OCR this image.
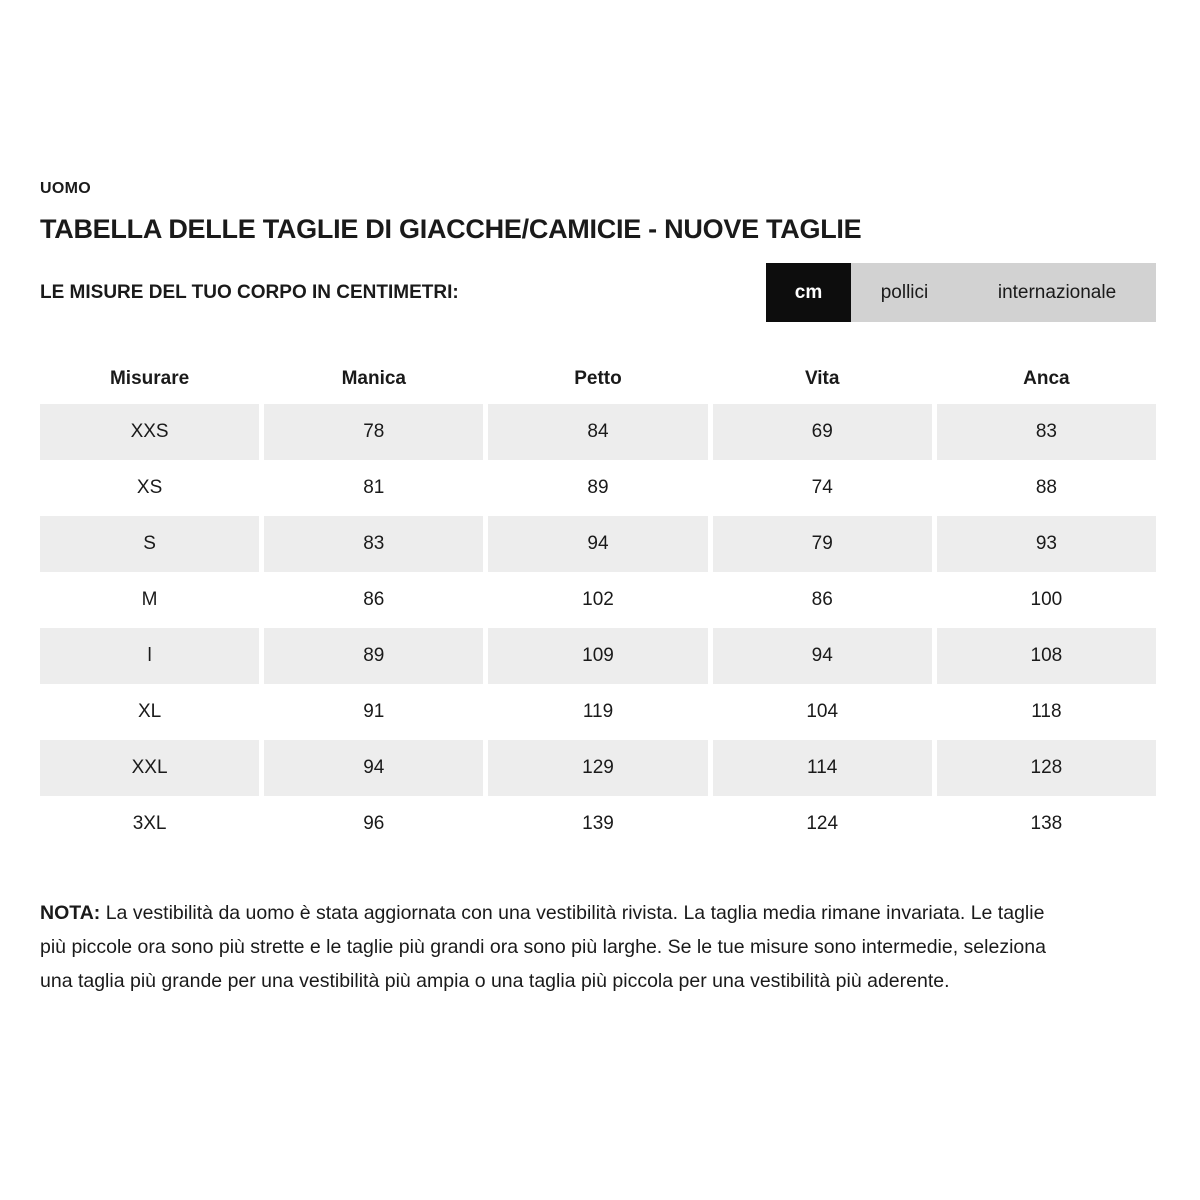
UOMO
TABELLA DELLE TAGLIE DI GIACCHE/CAMICIE - NUOVE TAGLIE
LE MISURE DEL TUO CORPO IN CENTIMETRI:	cm	pollici	internazionale
Misurare	Manica	Petto	Vita	Anca
XXS	78	84	69	83
XS	81	89	74	88
S	83	94	79	93
M	86	102	86	100
l	89	109	94	108
XL	91	119	104	118
XXL	94	129	114	128
3XL	96	139	124	138

NOTA: La vestibilità da uomo è stata aggiornata con una vestibilità rivista. La taglia media rimane invariata. Le taglie più piccole ora sono più strette e le taglie più grandi ora sono più larghe. Se le tue misure sono intermedie, seleziona una taglia più grande per una vestibilità più ampia o una taglia più piccola per una vestibilità più aderente.
